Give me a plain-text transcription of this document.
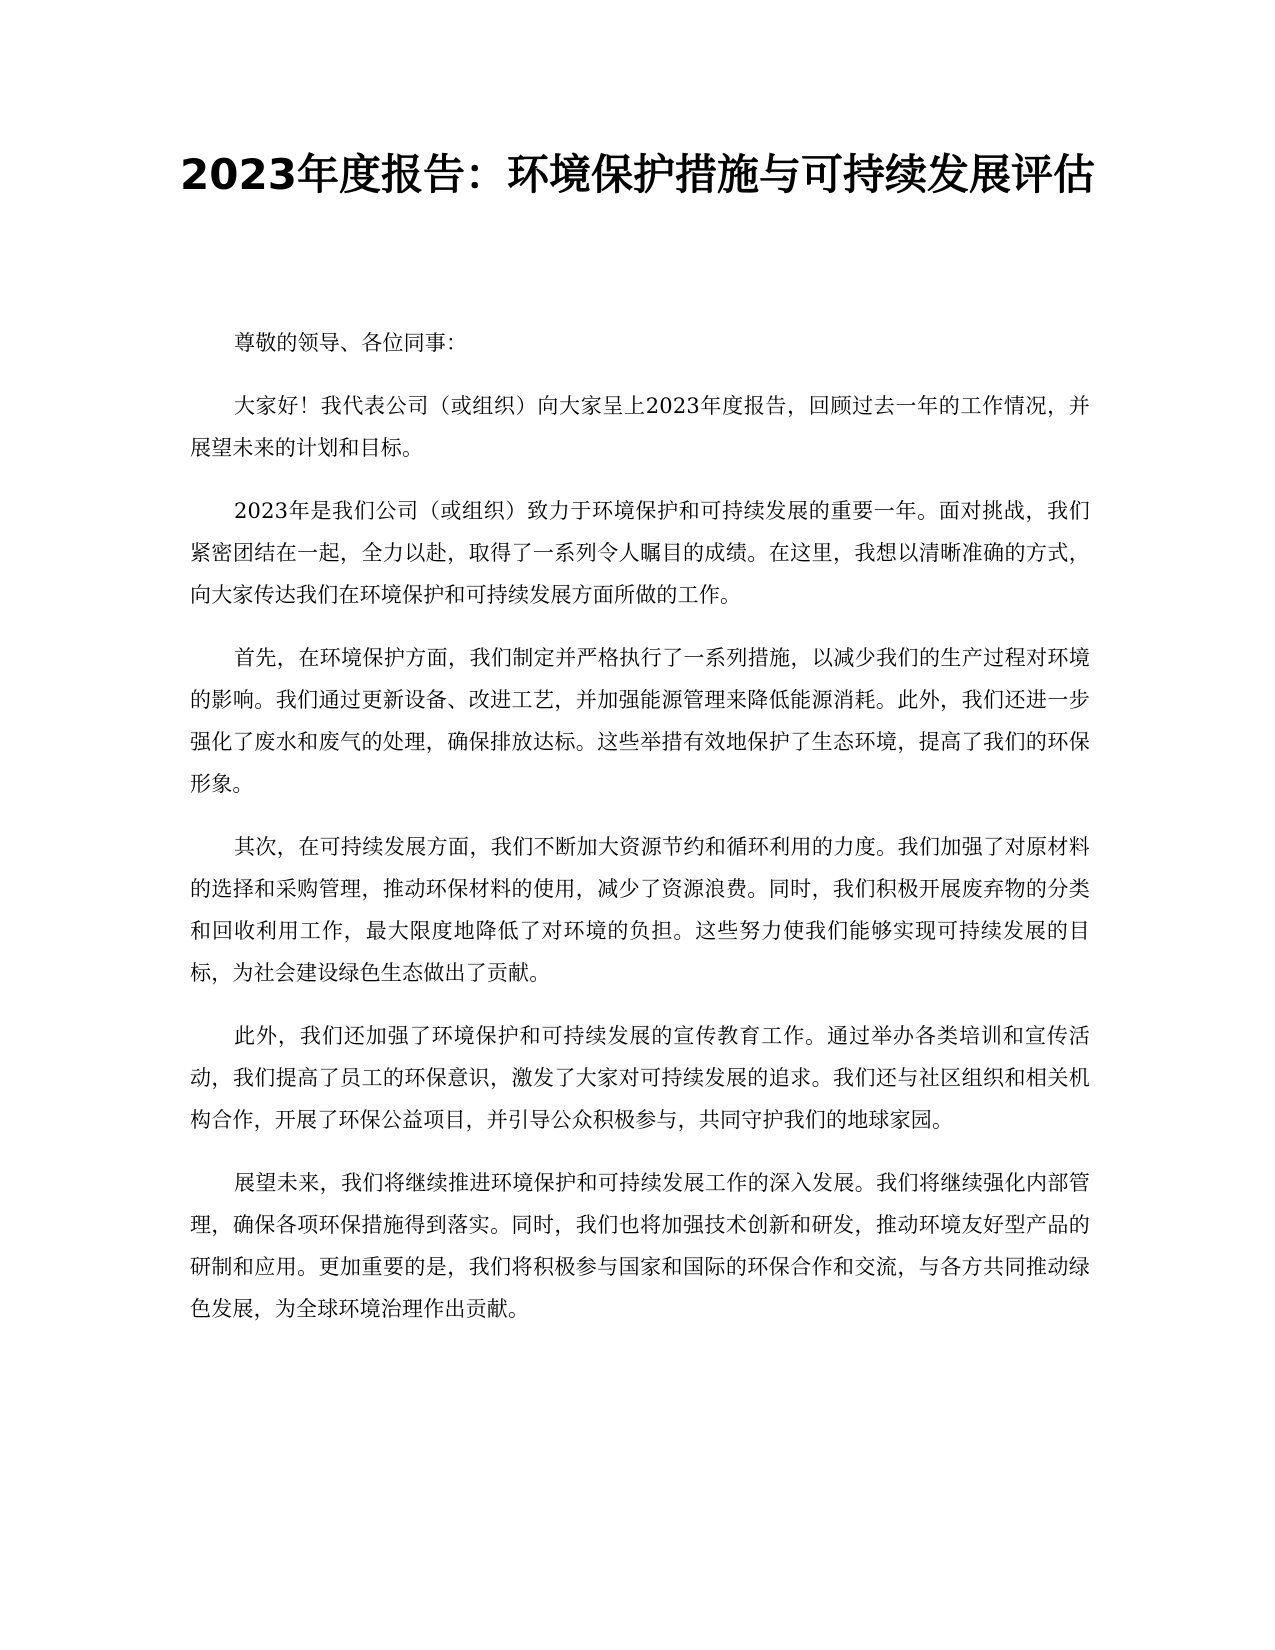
2023年度报告：环境保护措施与可持续发展评估

尊敬的领导、各位同事：

大家好！我代表公司（或组织）向大家呈上2023年度报告，回顾过去一年的工作情况，并展望未来的计划和目标。

2023年是我们公司（或组织）致力于环境保护和可持续发展的重要一年。面对挑战，我们紧密团结在一起，全力以赴，取得了一系列令人瞩目的成绩。在这里，我想以清晰准确的方式，向大家传达我们在环境保护和可持续发展方面所做的工作。

首先，在环境保护方面，我们制定并严格执行了一系列措施，以减少我们的生产过程对环境的影响。我们通过更新设备、改进工艺，并加强能源管理来降低能源消耗。此外，我们还进一步强化了废水和废气的处理，确保排放达标。这些举措有效地保护了生态环境，提高了我们的环保形象。

其次，在可持续发展方面，我们不断加大资源节约和循环利用的力度。我们加强了对原材料的选择和采购管理，推动环保材料的使用，减少了资源浪费。同时，我们积极开展废弃物的分类和回收利用工作，最大限度地降低了对环境的负担。这些努力使我们能够实现可持续发展的目标，为社会建设绿色生态做出了贡献。

此外，我们还加强了环境保护和可持续发展的宣传教育工作。通过举办各类培训和宣传活动，我们提高了员工的环保意识，激发了大家对可持续发展的追求。我们还与社区组织和相关机构合作，开展了环保公益项目，并引导公众积极参与，共同守护我们的地球家园。

展望未来，我们将继续推进环境保护和可持续发展工作的深入发展。我们将继续强化内部管理，确保各项环保措施得到落实。同时，我们也将加强技术创新和研发，推动环境友好型产品的研制和应用。更加重要的是，我们将积极参与国家和国际的环保合作和交流，与各方共同推动绿色发展，为全球环境治理作出贡献。
